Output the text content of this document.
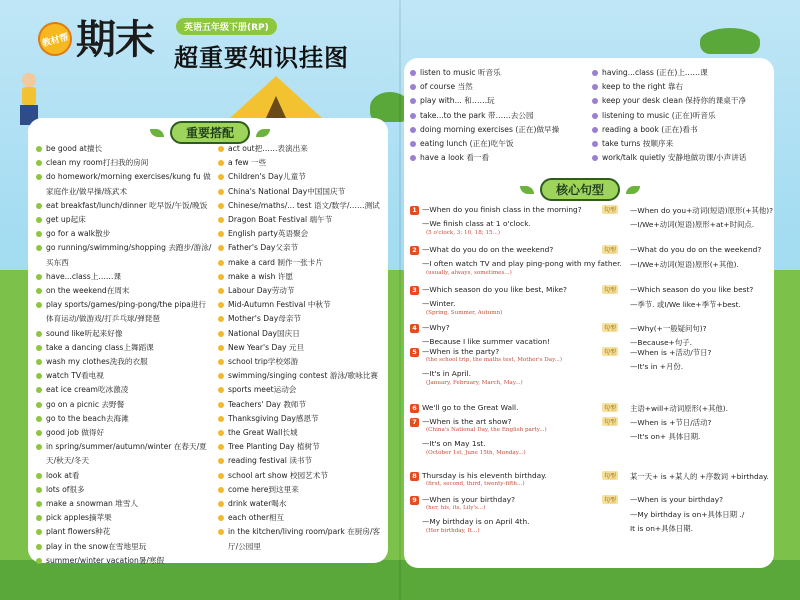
教材帮 期末	英语五年级下册(RP)
超重要知识挂图
重要搭配
核心句型
be good at擅长
clean my room打扫我的房间
do homework/morning exercises/kung fu 做家庭作业/做早操/练武术
eat breakfast/lunch/dinner 吃早饭/午饭/晚饭
get up起床
go for a walk散步
go running/swimming/shopping 去跑步/游泳/买东西
have...class上……课
on the weekend在周末
play sports/games/ping-pong/the pipa进行体育运动/做游戏/打乒乓球/弹琵琶
sound like听起来好像
take a dancing class上舞蹈课
wash my clothes洗我的衣服
watch TV看电视
eat ice cream吃冰激凌
go on a picnic 去野餐
go to the beach去海滩
good job 做得好
in spring/summer/autumn/winter 在春天/夏天/秋天/冬天
look at看
lots of很多
make a snowman 堆雪人
pick apples摘苹果
plant flowers种花
play in the snow在雪地里玩
summer/winter vacation暑/寒假
act out把……表演出来
a few 一些
Children's Day儿童节
China's National Day中国国庆节
Chinese/maths/... test 语文/数学/……测试
Dragon Boat Festival 端午节
English party英语聚会
Father's Day父亲节
make a card 制作一张卡片
make a wish 许愿
Labour Day劳动节
Mid-Autumn Festival 中秋节
Mother's Day母亲节
National Day国庆日
New Year's Day 元旦
school trip学校郊游
swimming/singing contest 游泳/歌咏比赛
sports meet运动会
Teachers' Day 教师节
Thanksgiving Day感恩节
the Great Wall长城
Tree Planting Day 植树节
reading festival 读书节
school art show 校园艺术节
come here到这里来
drink water喝水
each other相互
in the kitchen/living room/park 在厨房/客厅/公园里
listen to music 听音乐
of course 当然
play with... 和……玩
take...to the park 带……去公园
doing morning exercises (正在)做早操
eating lunch (正在)吃午饭
have a look 看一看
having...class (正在)上……课
keep to the right 靠右
keep your desk clean 保持你的课桌干净
listening to music (正在)听音乐
reading a book (正在)看书
take turns 按顺序来
work/talk quietly 安静地做功课/小声讲话
1 —When do you finish class in the morning?
—We finish class at 1 o'clock.
(5 o'clock, 3; 10, 18; 15...)
句型 —When do you+动词(短语)原形(+其他)?
—I/We+动词(短语)原形+at+时间点.
2 —What do you do on the weekend?
—I often watch TV and play ping-pong with my father.
(usually, always, sometimes...)
句型 —What do you do on the weekend?
—I/We+动词(短语)原形(+其他).
3 —Which season do you like best, Mike?
—Winter.
(Spring, Summer, Autumn)
句型 —Which season do you like best?
—季节. 或I/We like+季节+best.
4 —Why?
—Because I like summer vacation!
句型 —Why(+一般疑问句)?
—Because+句子.
5 —When is the party?
(the school trip, the maths test, Mother's Day...)
—It's in April.
(January, February, March, May...)
句型 —When is +活动/节日?
—It's in +月份.
6 We'll go to the Great Wall.	句型 主语+will+动词原形(+其他).
7 —When is the art show?
(China's National Day, the English party...)
—It's on May 1st.
(October 1st, June 15th, Monday...)
句型 —When is +节日/活动?
—It's on+ 具体日期.
8 Thursday is his eleventh birthday.
(first, second, third, twenty-fifth...)
句型 某一天+ is +某人的 +序数词 +birthday.
9 —When is your birthday?
(her, his, its, Lily's...)
—My birthday is on April 4th.
(Her birthday, It...)
句型 —When is your birthday?
—My birthday is on+具体日期 ./
It is on+具体日期.
